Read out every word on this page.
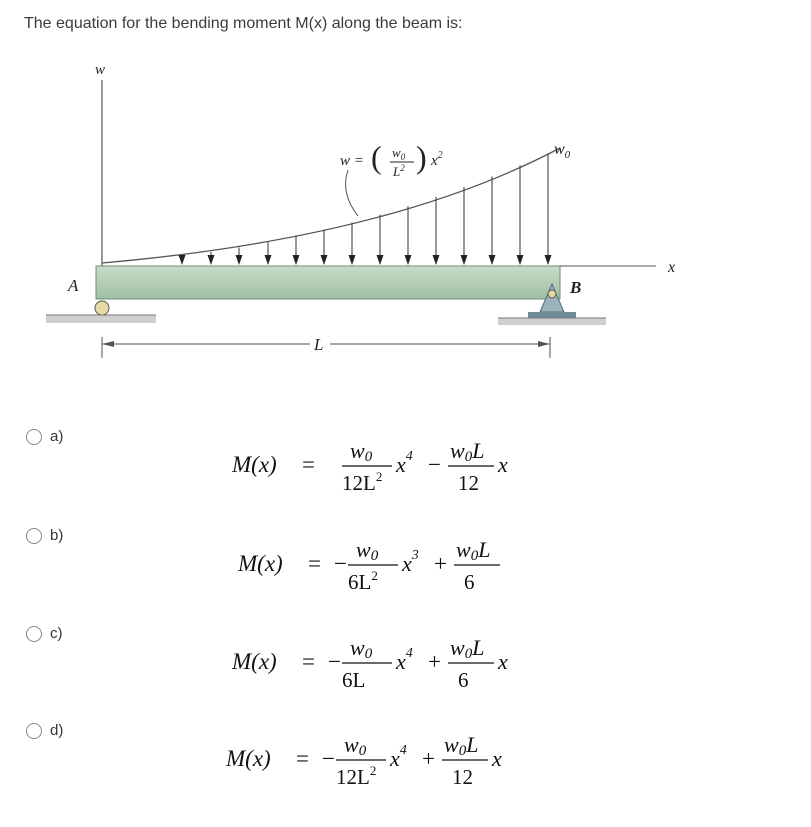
The equation for the bending moment M(x) along the beam is:
w
A	B
x
$w_0$
w = ( $w_0$
$L^2$ ) $x^2$
L
a)
M(x) =
w0
$12L^2$ $x^4$ −
w0L
12
x
b)
M(x) = −
w0
$6L^2$ $x^3$ +
w0L
6
c)
M(x) = −
w0
6L
$x^4$ +
w0L
6
x
d)
M(x) = −
w0
$12L^2$ $x^4$ +
w0L
12
x
